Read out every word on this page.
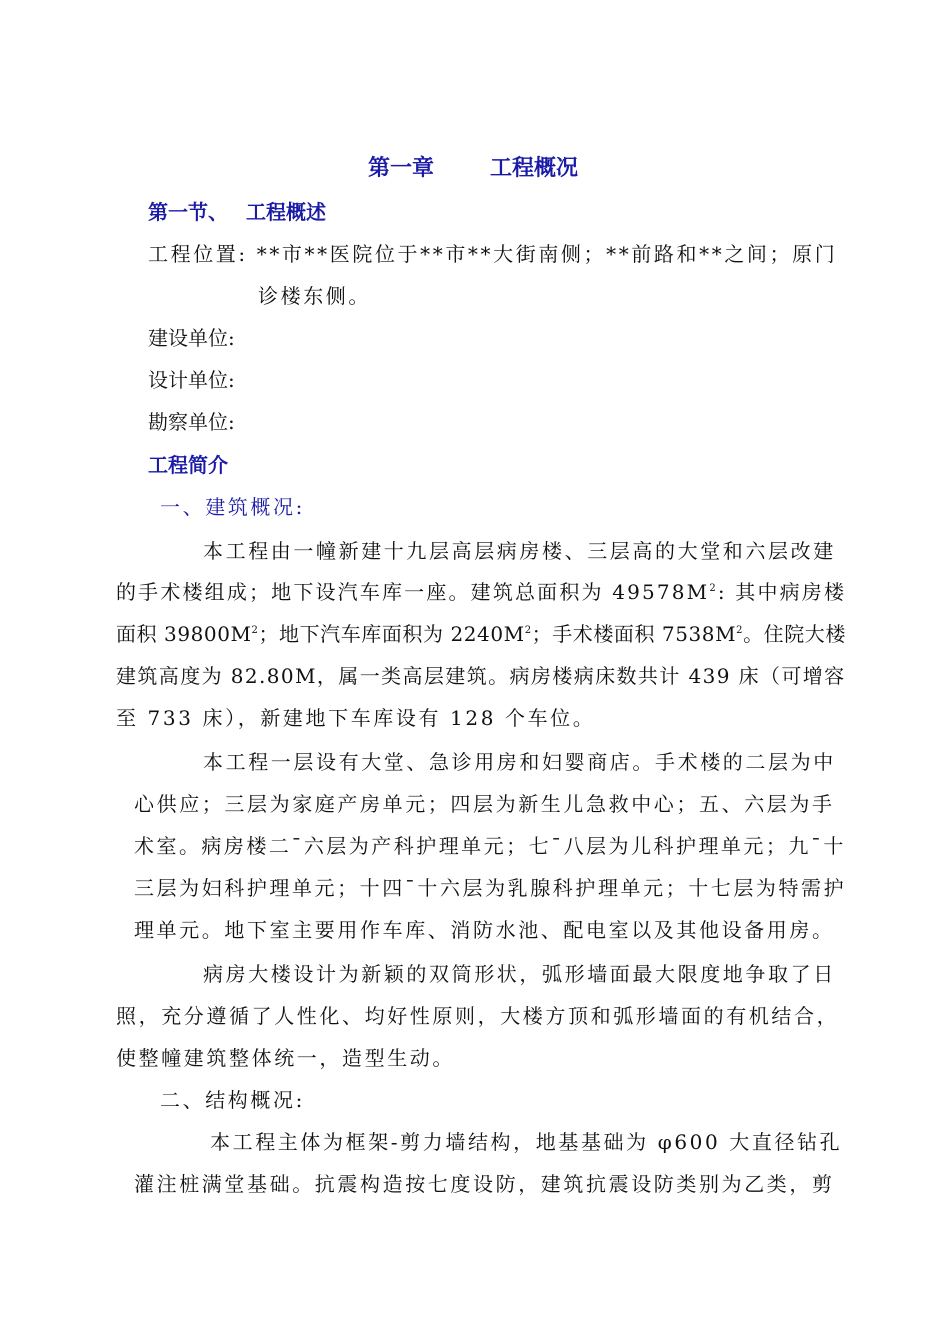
第一章	工程概况
第一节、 工程概述
工程位置: **市**医院位于**市**大街南侧；**前路和**之间；原门
诊楼东侧。
建设单位:
设计单位:
勘察单位:
工程简介
一、建筑概况:
本工程由一幢新建十九层高层病房楼、三层高的大堂和六层改建
的手术楼组成；地下设汽车库一座。建筑总面积为 $49578M^2$: 其中病房楼
面积 $39800M^2$；地下汽车库面积为 $2240M^2$；手术楼面积 $7538M^2$。住院大楼
建筑高度为 82.80M，属一类高层建筑。病房楼病床数共计 439 床（可增容
至 733 床），新建地下车库设有 128 个车位。
本工程一层设有大堂、急诊用房和妇婴商店。手术楼的二层为中
心供应；三层为家庭产房单元；四层为新生儿急救中心；五、六层为手
术室。病房楼二¯六层为产科护理单元；七¯八层为儿科护理单元；九¯十
三层为妇科护理单元；十四¯十六层为乳腺科护理单元；十七层为特需护
理单元。地下室主要用作车库、消防水池、配电室以及其他设备用房。
病房大楼设计为新颖的双筒形状，弧形墙面最大限度地争取了日
照，充分遵循了人性化、均好性原则，大楼方顶和弧形墙面的有机结合，
使整幢建筑整体统一，造型生动。
二、结构概况:
本工程主体为框架-剪力墙结构，地基基础为 φ600 大直径钻孔
灌注桩满堂基础。抗震构造按七度设防，建筑抗震设防类别为乙类，剪
